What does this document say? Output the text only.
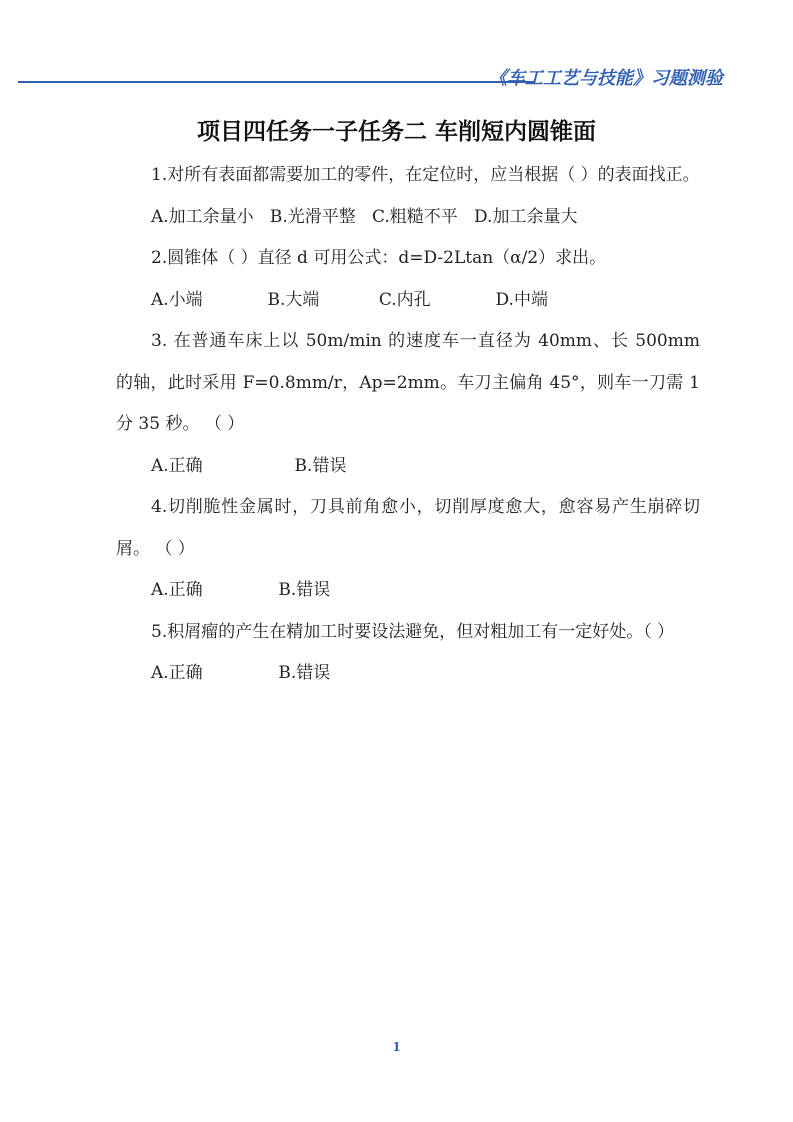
《车工工艺与技能》习题测验
项目四任务一子任务二 车削短内圆锥面

1.对所有表面都需要加工的零件，在定位时，应当根据（ ）的表面找正。

A.加工余量小   B.光滑平整   C.粗糙不平   D.加工余量大

2.圆锥体（ ）直径 d 可用公式：d=D-2Ltan（α/2）求出。

A.小端            B.大端           C.内孔            D.中端

3. 在普通车床上以 50m/min 的速度车一直径为 40mm、长 500mm 的轴，此时采用 F=0.8mm/r，Ap=2mm。车刀主偏角 45°，则车一刀需 1 分 35 秒。 （ ）

A.正确                 B.错误

4.切削脆性金属时，刀具前角愈小，切削厚度愈大，愈容易产生崩碎切屑。 （ ）

A.正确              B.错误

5.积屑瘤的产生在精加工时要设法避免，但对粗加工有一定好处。（ ）

A.正确              B.错误

1
